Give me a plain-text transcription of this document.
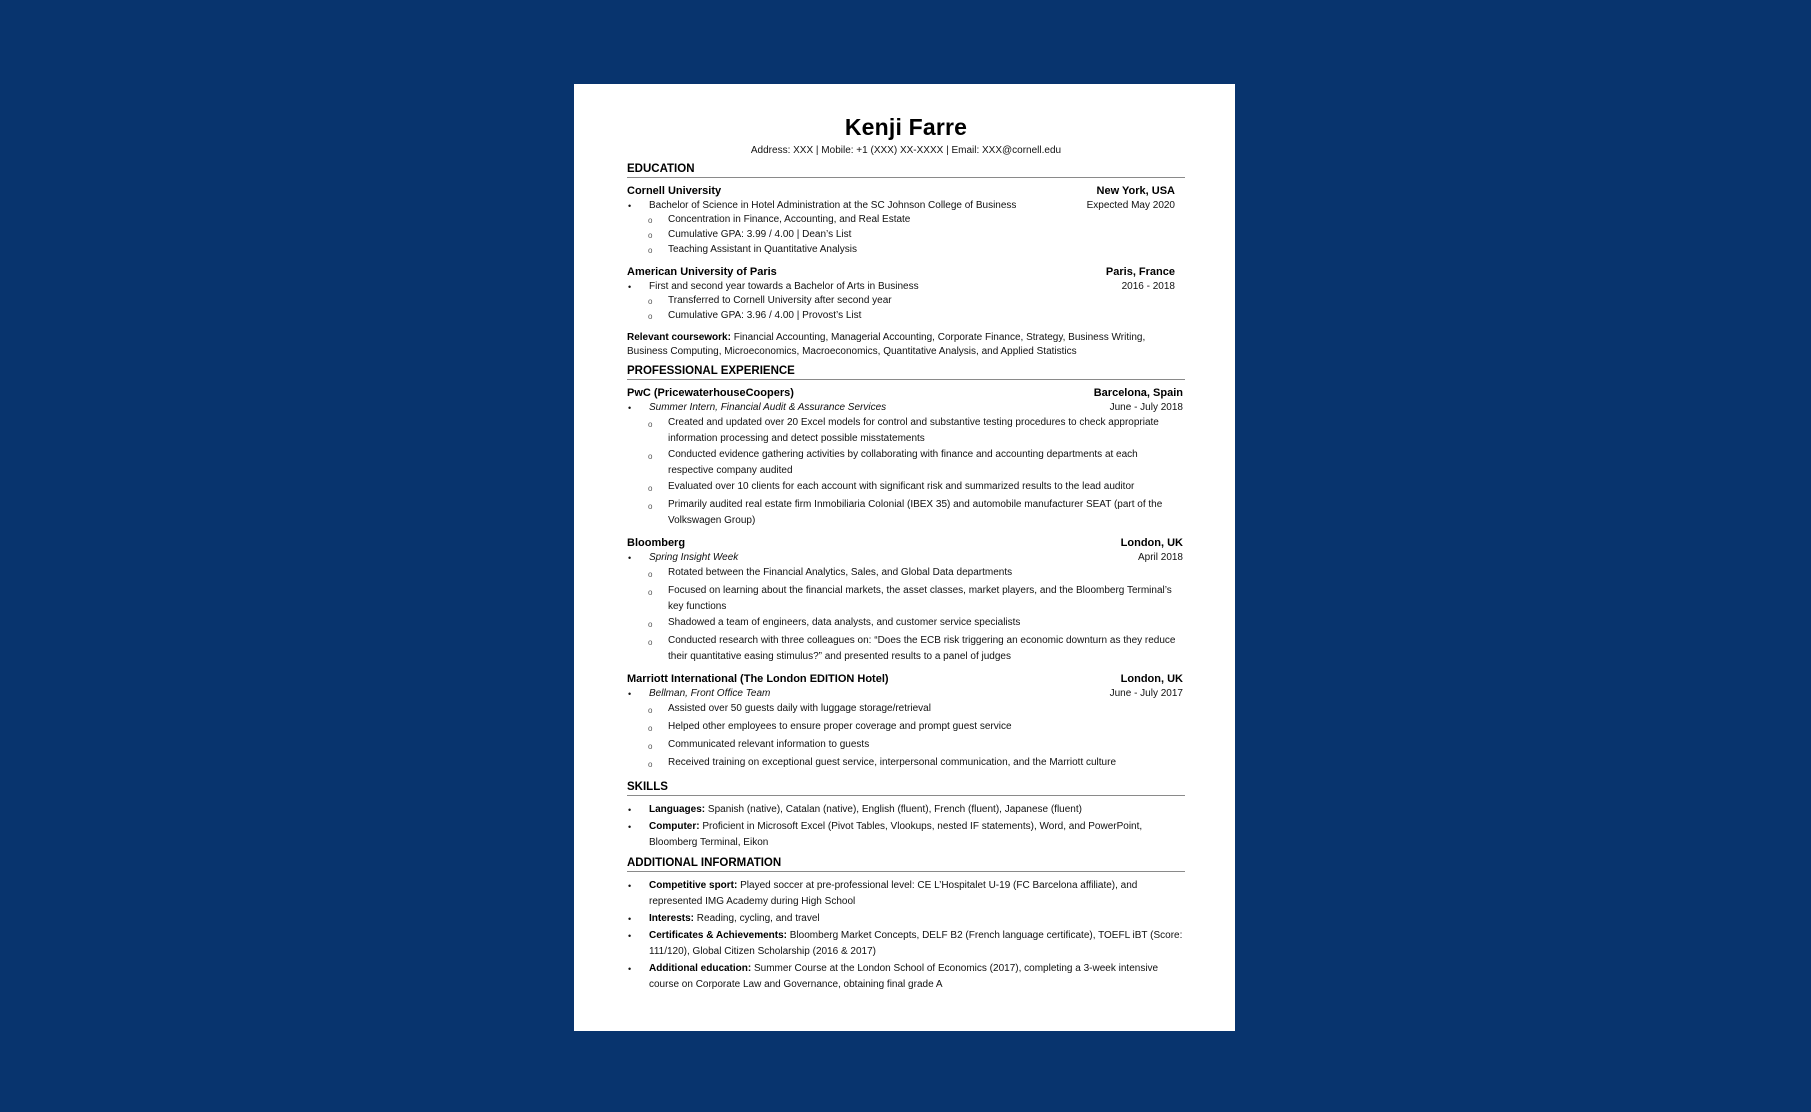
Kenji Farre
Address: XXX | Mobile: +1 (XXX) XX-XXXX | Email: XXX@cornell.edu
EDUCATION
Cornell University	New York, USA
•	Bachelor of Science in Hotel Administration at the SC Johnson College of Business	Expected May 2020
o	Concentration in Finance, Accounting, and Real Estate
o	Cumulative GPA: 3.99 / 4.00 | Dean’s List
o	Teaching Assistant in Quantitative Analysis
American University of Paris	Paris, France
•	First and second year towards a Bachelor of Arts in Business	2016 - 2018
o	Transferred to Cornell University after second year
o	Cumulative GPA: 3.96 / 4.00 | Provost’s List
Relevant coursework: Financial Accounting, Managerial Accounting, Corporate Finance, Strategy, Business Writing, Business Computing, Microeconomics, Macroeconomics, Quantitative Analysis, and Applied Statistics
PROFESSIONAL EXPERIENCE
PwC (PricewaterhouseCoopers)	Barcelona, Spain
•	Summer Intern, Financial Audit & Assurance Services	June - July 2018
o	Created and updated over 20 Excel models for control and substantive testing procedures to check appropriate information processing and detect possible misstatements
o	Conducted evidence gathering activities by collaborating with finance and accounting departments at each respective company audited
o	Evaluated over 10 clients for each account with significant risk and summarized results to the lead auditor
o	Primarily audited real estate firm Inmobiliaria Colonial (IBEX 35) and automobile manufacturer SEAT (part of the Volkswagen Group)
Bloomberg	London, UK
•	Spring Insight Week	April 2018
o	Rotated between the Financial Analytics, Sales, and Global Data departments
o	Focused on learning about the financial markets, the asset classes, market players, and the Bloomberg Terminal’s key functions
o	Shadowed a team of engineers, data analysts, and customer service specialists
o	Conducted research with three colleagues on: “Does the ECB risk triggering an economic downturn as they reduce their quantitative easing stimulus?” and presented results to a panel of judges
Marriott International (The London EDITION Hotel)	London, UK
•	Bellman, Front Office Team	June - July 2017
o	Assisted over 50 guests daily with luggage storage/retrieval
o	Helped other employees to ensure proper coverage and prompt guest service
o	Communicated relevant information to guests
o	Received training on exceptional guest service, interpersonal communication, and the Marriott culture
SKILLS
•	Languages: Spanish (native), Catalan (native), English (fluent), French (fluent), Japanese (fluent)
•	Computer: Proficient in Microsoft Excel (Pivot Tables, Vlookups, nested IF statements), Word, and PowerPoint, Bloomberg Terminal, Eikon
ADDITIONAL INFORMATION
•	Competitive sport: Played soccer at pre-professional level: CE L’Hospitalet U-19 (FC Barcelona affiliate), and represented IMG Academy during High School
•	Interests: Reading, cycling, and travel
•	Certificates & Achievements: Bloomberg Market Concepts, DELF B2 (French language certificate), TOEFL iBT (Score: 111/120), Global Citizen Scholarship (2016 & 2017)
•	Additional education: Summer Course at the London School of Economics (2017), completing a 3-week intensive course on Corporate Law and Governance, obtaining final grade A
